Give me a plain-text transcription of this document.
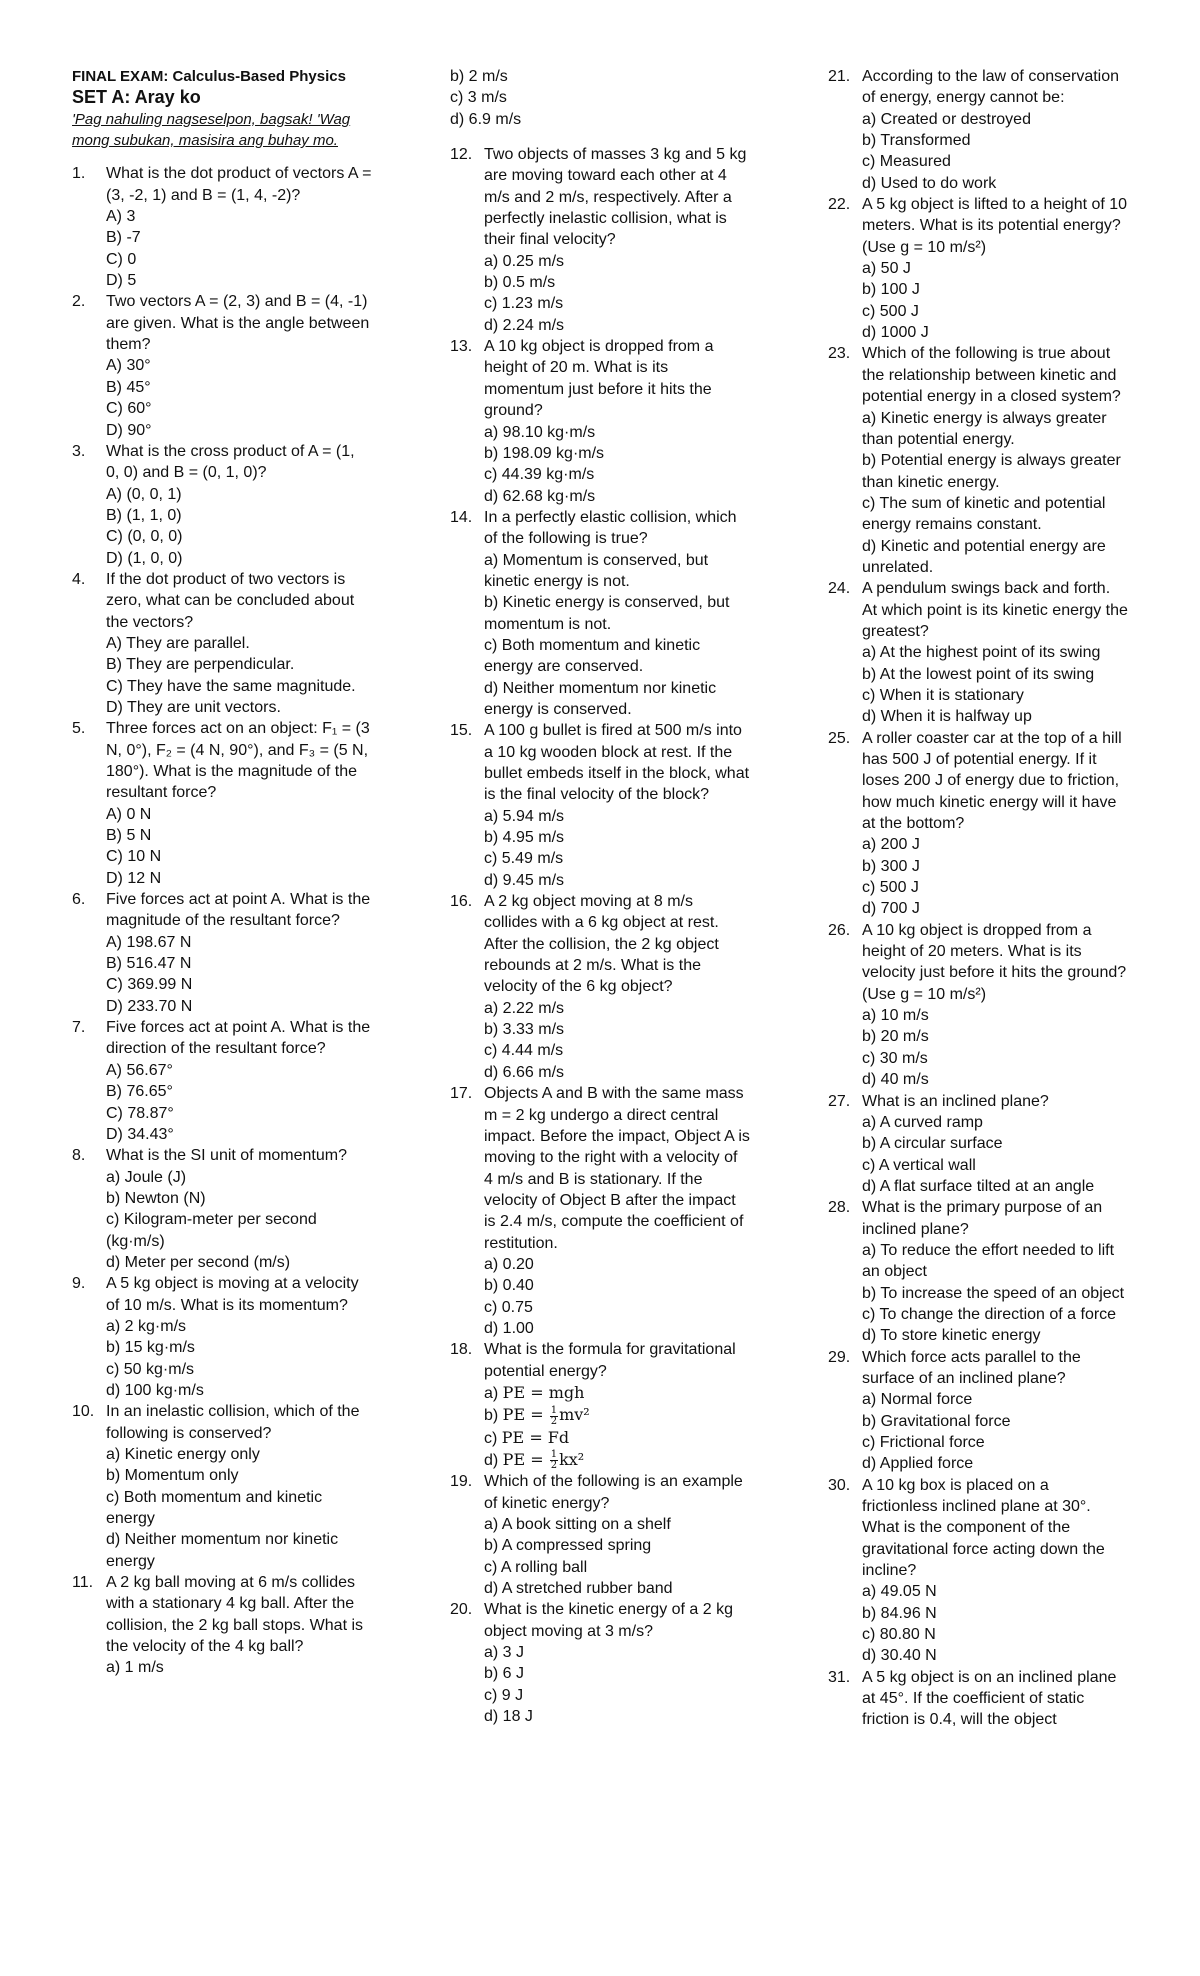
FINAL EXAM: Calculus-Based Physics
SET A: Aray ko
'Pag nahuling nagseselpon, bagsak! 'Wag mong subukan, masisira ang buhay mo.
1. What is the dot product of vectors A = (3, -2, 1) and B = (1, 4, -2)?
A) 3
B) -7
C) 0
D) 5
2. Two vectors A = (2, 3) and B = (4, -1) are given. What is the angle between them?
A) 30°
B) 45°
C) 60°
D) 90°
3. What is the cross product of A = (1, 0, 0) and B = (0, 1, 0)?
A) (0, 0, 1)
B) (1, 1, 0)
C) (0, 0, 0)
D) (1, 0, 0)
4. If the dot product of two vectors is zero, what can be concluded about the vectors?
A) They are parallel.
B) They are perpendicular.
C) They have the same magnitude.
D) They are unit vectors.
5. Three forces act on an object: F₁ = (3 N, 0°), F₂ = (4 N, 90°), and F₃ = (5 N, 180°). What is the magnitude of the resultant force?
A) 0 N
B) 5 N
C) 10 N
D) 12 N
6. Five forces act at point A. What is the magnitude of the resultant force?
A) 198.67 N
B) 516.47 N
C) 369.99 N
D) 233.70 N
7. Five forces act at point A. What is the direction of the resultant force?
A) 56.67°
B) 76.65°
C) 78.87°
D) 34.43°
8. What is the SI unit of momentum?
a) Joule (J)
b) Newton (N)
c) Kilogram-meter per second (kg·m/s)
d) Meter per second (m/s)
9. A 5 kg object is moving at a velocity of 10 m/s. What is its momentum?
a) 2 kg·m/s
b) 15 kg·m/s
c) 50 kg·m/s
d) 100 kg·m/s
10. In an inelastic collision, which of the following is conserved?
a) Kinetic energy only
b) Momentum only
c) Both momentum and kinetic energy
d) Neither momentum nor kinetic energy
11. A 2 kg ball moving at 6 m/s collides with a stationary 4 kg ball. After the collision, the 2 kg ball stops. What is the velocity of the 4 kg ball?
a) 1 m/s
b) 2 m/s
c) 3 m/s
d) 6.9 m/s
12. Two objects of masses 3 kg and 5 kg are moving toward each other at 4 m/s and 2 m/s, respectively. After a perfectly inelastic collision, what is their final velocity?
a) 0.25 m/s
b) 0.5 m/s
c) 1.23 m/s
d) 2.24 m/s
13. A 10 kg object is dropped from a height of 20 m. What is its momentum just before it hits the ground?
a) 98.10 kg·m/s
b) 198.09 kg·m/s
c) 44.39 kg·m/s
d) 62.68 kg·m/s
14. In a perfectly elastic collision, which of the following is true?
a) Momentum is conserved, but kinetic energy is not.
b) Kinetic energy is conserved, but momentum is not.
c) Both momentum and kinetic energy are conserved.
d) Neither momentum nor kinetic energy is conserved.
15. A 100 g bullet is fired at 500 m/s into a 10 kg wooden block at rest. If the bullet embeds itself in the block, what is the final velocity of the block?
a) 5.94 m/s
b) 4.95 m/s
c) 5.49 m/s
d) 9.45 m/s
16. A 2 kg object moving at 8 m/s collides with a 6 kg object at rest. After the collision, the 2 kg object rebounds at 2 m/s. What is the velocity of the 6 kg object?
a) 2.22 m/s
b) 3.33 m/s
c) 4.44 m/s
d) 6.66 m/s
17. Objects A and B with the same mass m = 2 kg undergo a direct central impact. Before the impact, Object A is moving to the right with a velocity of 4 m/s and B is stationary. If the velocity of Object B after the impact is 2.4 m/s, compute the coefficient of restitution.
a) 0.20
b) 0.40
c) 0.75
d) 1.00
18. What is the formula for gravitational potential energy?
a) PE = mgh
b) PE = $\frac{1}{2} mv^2$
c) PE = Fd
d) PE = $\frac{1}{2} kx^2$
19. Which of the following is an example of kinetic energy?
a) A book sitting on a shelf
b) A compressed spring
c) A rolling ball
d) A stretched rubber band
20. What is the kinetic energy of a 2 kg object moving at 3 m/s?
a) 3 J
b) 6 J
c) 9 J
d) 18 J
21. According to the law of conservation of energy, energy cannot be:
a) Created or destroyed
b) Transformed
c) Measured
d) Used to do work
22. A 5 kg object is lifted to a height of 10 meters. What is its potential energy? (Use g = 10 m/s²)
a) 50 J
b) 100 J
c) 500 J
d) 1000 J
23. Which of the following is true about the relationship between kinetic and potential energy in a closed system?
a) Kinetic energy is always greater than potential energy.
b) Potential energy is always greater than kinetic energy.
c) The sum of kinetic and potential energy remains constant.
d) Kinetic and potential energy are unrelated.
24. A pendulum swings back and forth. At which point is its kinetic energy the greatest?
a) At the highest point of its swing
b) At the lowest point of its swing
c) When it is stationary
d) When it is halfway up
25. A roller coaster car at the top of a hill has 500 J of potential energy. If it loses 200 J of energy due to friction, how much kinetic energy will it have at the bottom?
a) 200 J
b) 300 J
c) 500 J
d) 700 J
26. A 10 kg object is dropped from a height of 20 meters. What is its velocity just before it hits the ground? (Use g = 10 m/s²)
a) 10 m/s
b) 20 m/s
c) 30 m/s
d) 40 m/s
27. What is an inclined plane?
a) A curved ramp
b) A circular surface
c) A vertical wall
d) A flat surface tilted at an angle
28. What is the primary purpose of an inclined plane?
a) To reduce the effort needed to lift an object
b) To increase the speed of an object
c) To change the direction of a force
d) To store kinetic energy
29. Which force acts parallel to the surface of an inclined plane?
a) Normal force
b) Gravitational force
c) Frictional force
d) Applied force
30. A 10 kg box is placed on a frictionless inclined plane at 30°. What is the component of the gravitational force acting down the incline?
a) 49.05 N
b) 84.96 N
c) 80.80 N
d) 30.40 N
31. A 5 kg object is on an inclined plane at 45°. If the coefficient of static friction is 0.4, will the object
